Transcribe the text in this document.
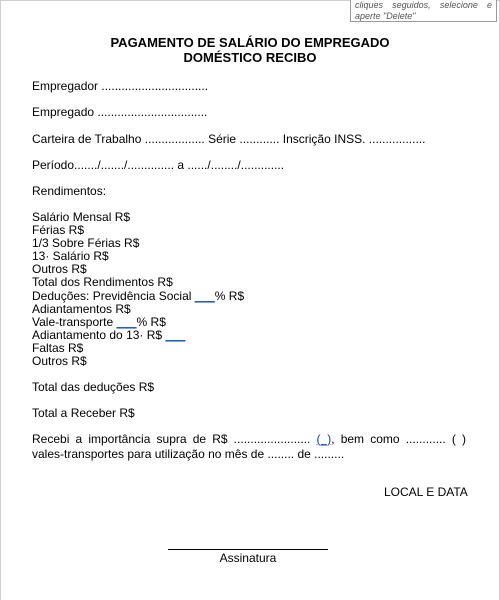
cliques seguidos, selecione e aperte "Delete"
PAGAMENTO DE SALÁRIO DO EMPREGADO
DOMÉSTICO RECIBO
Empregador ................................
Empregado .................................
Carteira de Trabalho .................. Série ............ Inscrição INSS. .................
Período......./......./.............. a ....../......../.............
Rendimentos:
Salário Mensal R$
Férias R$
1/3 Sobre Férias R$
13· Salário R$
Outros R$
Total dos Rendimentos R$
Deduções: Previdência Social ___% R$
Adiantamentos R$
Vale-transporte ___% R$
Adiantamento do 13· R$ ___
Faltas R$
Outros R$
Total das deduções R$
Total a Receber R$
Recebi a importância supra de R$ ....................... (_), bem como ............ ( ) vales-transportes para utilização no mês de ........ de .........
LOCAL E DATA
Assinatura
